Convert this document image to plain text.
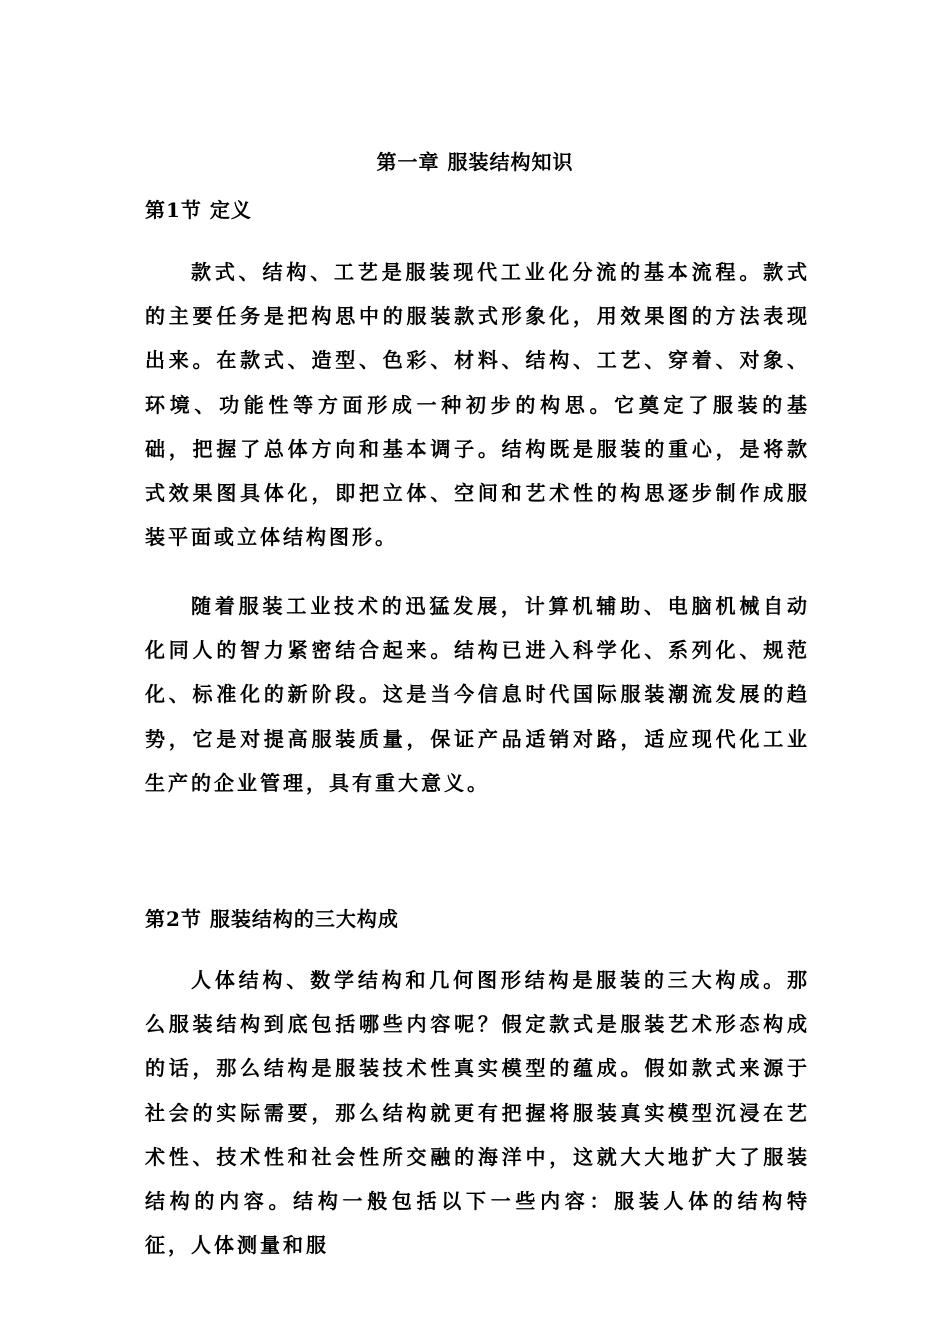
第一章 服装结构知识
第1节 定义

款式、结构、工艺是服装现代工业化分流的基本流程。款式的主要任务是把构思中的服装款式形象化，用效果图的方法表现出来。在款式、造型、色彩、材料、结构、工艺、穿着、对象、环境、功能性等方面形成一种初步的构思。它奠定了服装的基础，把握了总体方向和基本调子。结构既是服装的重心，是将款式效果图具体化，即把立体、空间和艺术性的构思逐步制作成服装平面或立体结构图形。

随着服装工业技术的迅猛发展，计算机辅助、电脑机械自动化同人的智力紧密结合起来。结构已进入科学化、系列化、规范化、标准化的新阶段。这是当今信息时代国际服装潮流发展的趋势，它是对提高服装质量，保证产品适销对路，适应现代化工业生产的企业管理，具有重大意义。

第2节 服装结构的三大构成

人体结构、数学结构和几何图形结构是服装的三大构成。那么服装结构到底包括哪些内容呢？假定款式是服装艺术形态构成的话，那么结构是服装技术性真实模型的蕴成。假如款式来源于社会的实际需要，那么结构就更有把握将服装真实模型沉浸在艺术性、技术性和社会性所交融的海洋中，这就大大地扩大了服装结构的内容。结构一般包括以下一些内容：服装人体的结构特征，人体测量和服
